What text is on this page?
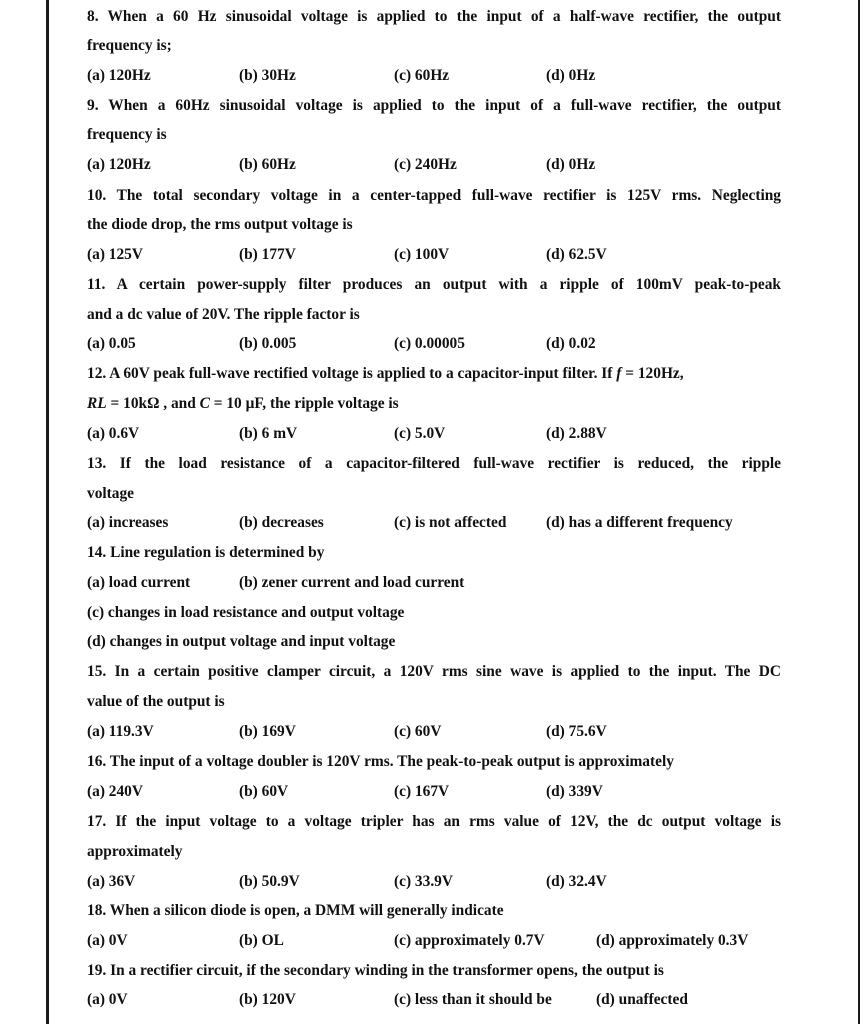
8. When a 60 Hz sinusoidal voltage is applied to the input of a half-wave rectifier, the output
frequency is;
(a) 120Hz	(b) 30Hz	(c) 60Hz	(d) 0Hz
9. When a 60Hz sinusoidal voltage is applied to the input of a full-wave rectifier, the output
frequency is
(a) 120Hz	(b) 60Hz	(c) 240Hz	(d) 0Hz
10. The total secondary voltage in a center-tapped full-wave rectifier is 125V rms. Neglecting
the diode drop, the rms output voltage is
(a) 125V	(b) 177V	(c) 100V	(d) 62.5V
11. A certain power-supply filter produces an output with a ripple of 100mV peak-to-peak
and a dc value of 20V. The ripple factor is
(a) 0.05	(b) 0.005	(c) 0.00005	(d) 0.02
12. A 60V peak full-wave rectified voltage is applied to a capacitor-input filter. If f = 120Hz,
RL = 10kΩ , and C = 10 μF, the ripple voltage is
(a) 0.6V	(b) 6 mV	(c) 5.0V	(d) 2.88V
13. If the load resistance of a capacitor-filtered full-wave rectifier is reduced, the ripple
voltage
(a) increases	(b) decreases	(c) is not affected	(d) has a different frequency
14. Line regulation is determined by
(a) load current	(b) zener current and load current
(c) changes in load resistance and output voltage
(d) changes in output voltage and input voltage
15. In a certain positive clamper circuit, a 120V rms sine wave is applied to the input. The DC
value of the output is
(a) 119.3V	(b) 169V	(c) 60V	(d) 75.6V
16. The input of a voltage doubler is 120V rms. The peak-to-peak output is approximately
(a) 240V	(b) 60V	(c) 167V	(d) 339V
17. If the input voltage to a voltage tripler has an rms value of 12V, the dc output voltage is
approximately
(a) 36V	(b) 50.9V	(c) 33.9V	(d) 32.4V
18. When a silicon diode is open, a DMM will generally indicate
(a) 0V	(b) OL	(c) approximately 0.7V	(d) approximately 0.3V
19. In a rectifier circuit, if the secondary winding in the transformer opens, the output is
(a) 0V	(b) 120V	(c) less than it should be	(d) unaffected
